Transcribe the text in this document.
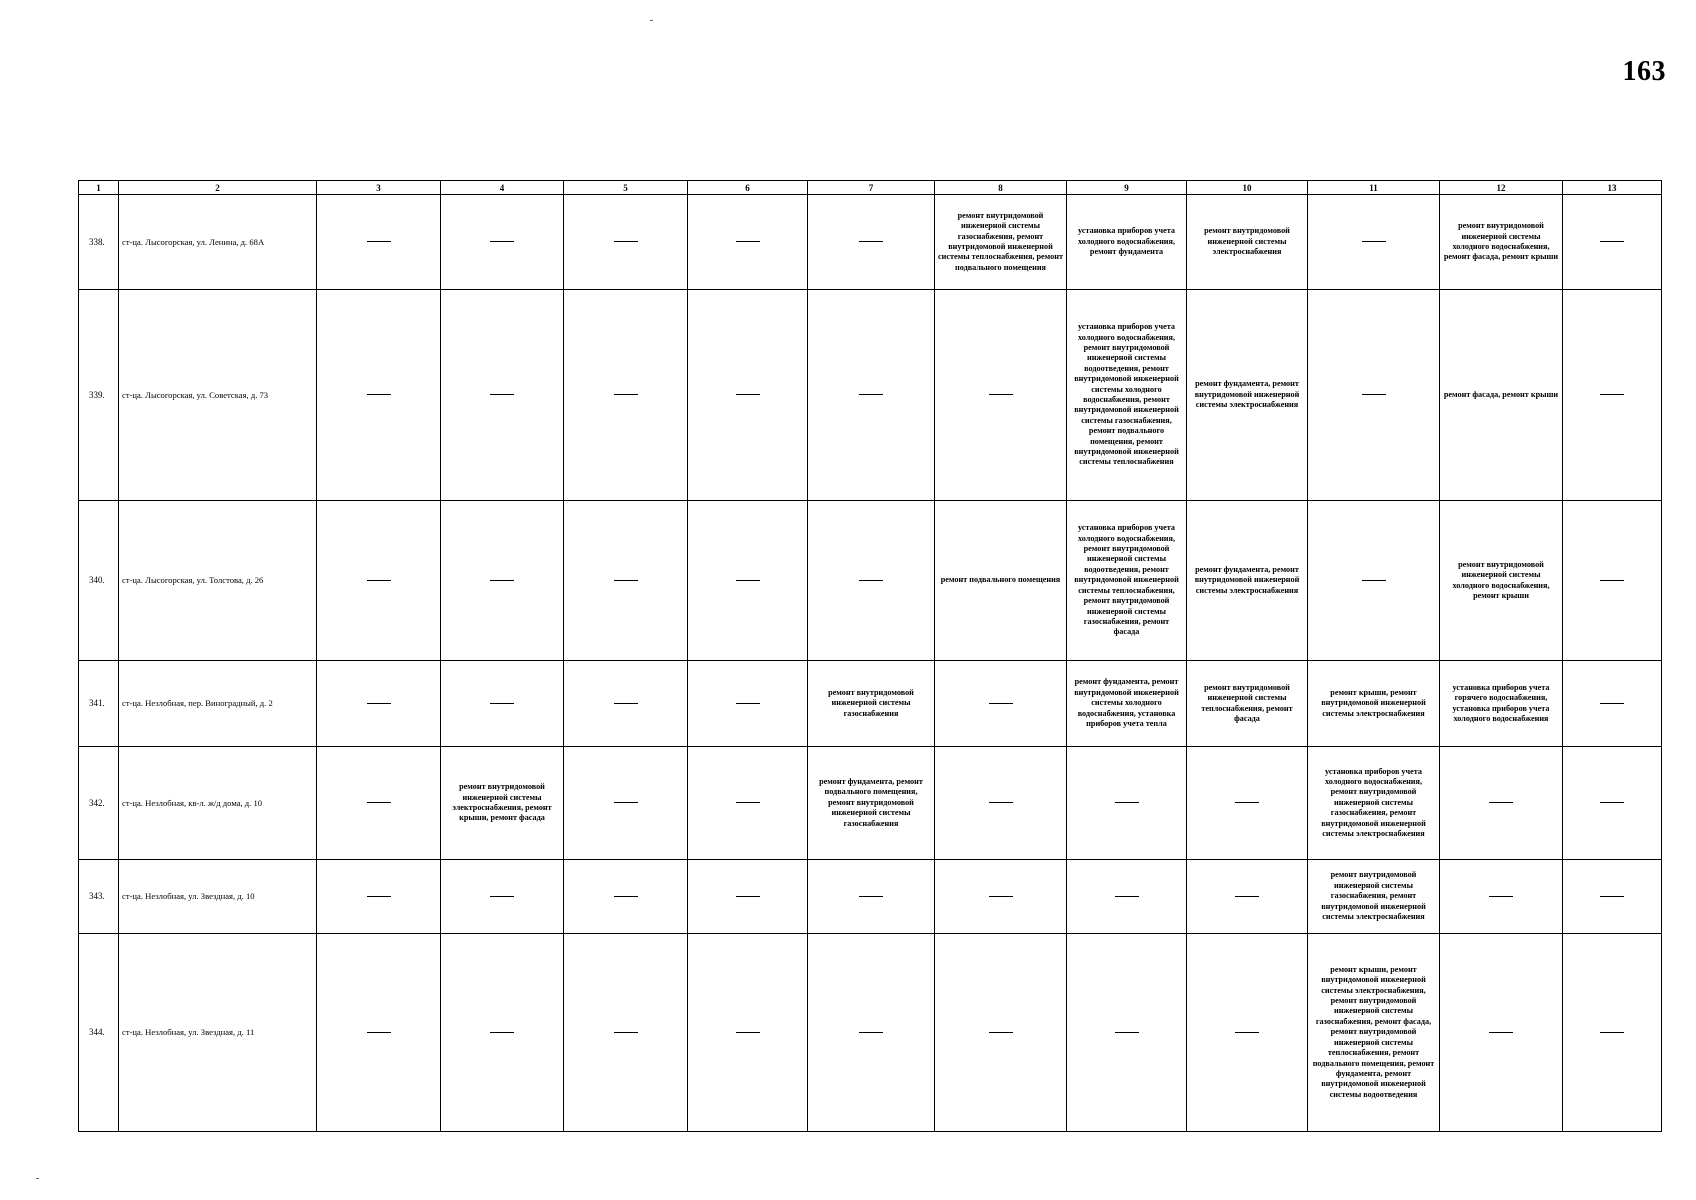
163
1	2	3	4	5	6	7	8	9	10	11	12	13
338.	ст-ца. Лысогорская, ул. Ленина, д. 68А						ремонт внутридомовой инженерной системы газоснабжения, ремонт внутридомовой инженерной системы теплоснабжения, ремонт подвального помещения	установка приборов учета холодного водоснабжения, ремонт фундамента	ремонт внутридомовой инженерной системы электроснабжения		ремонт внутридомовой инженерной системы холодного водоснабжения, ремонт фасада, ремонт крыши	
339.	ст-ца. Лысогорская, ул. Советская, д. 73							установка приборов учета холодного водоснабжения, ремонт внутридомовой инженерной системы водоотведения, ремонт внутридомовой инженерной системы холодного водоснабжения, ремонт внутридомовой инженерной системы газоснабжения, ремонт подвального помещения, ремонт внутридомовой инженерной системы теплоснабжения	ремонт фундамента, ремонт внутридомовой инженерной системы электроснабжения		ремонт фасада, ремонт крыши	
340.	ст-ца. Лысогорская, ул. Толстова, д. 26						ремонт подвального помещения	установка приборов учета холодного водоснабжения, ремонт внутридомовой инженерной системы водоотведения, ремонт внутридомовой инженерной системы теплоснабжения, ремонт внутридомовой инженерной системы газоснабжения, ремонт фасада	ремонт фундамента, ремонт внутридомовой инженерной системы электроснабжения		ремонт внутридомовой инженерной системы холодного водоснабжения, ремонт крыши	
341.	ст-ца. Незлобная, пер. Виноградный, д. 2					ремонт внутридомовой инженерной системы газоснабжения		ремонт фундамента, ремонт внутридомовой инженерной системы холодного водоснабжения, установка приборов учета тепла	ремонт внутридомовой инженерной системы теплоснабжения, ремонт фасада	ремонт крыши, ремонт внутридомовой инженерной системы электроснабжения	установка приборов учета горячего водоснабжения, установка приборов учета холодного водоснабжения	
342.	ст-ца. Незлобная, кв-л. ж/д дома, д. 10		ремонт внутридомовой инженерной системы электроснабжения, ремонт крыши, ремонт фасада			ремонт фундамента, ремонт подвального помещения, ремонт внутридомовой инженерной системы газоснабжения				установка приборов учета холодного водоснабжения, ремонт внутридомовой инженерной системы газоснабжения, ремонт внутридомовой инженерной системы электроснабжения		
343.	ст-ца. Незлобная, ул. Звездная, д. 10									ремонт внутридомовой инженерной системы газоснабжения, ремонт внутридомовой инженерной системы электроснабжения		
344.	ст-ца. Незлобная, ул. Звездная, д. 11									ремонт крыши, ремонт внутридомовой инженерной системы электроснабжения, ремонт внутридомовой инженерной системы газоснабжения, ремонт фасада, ремонт внутридомовой инженерной системы теплоснабжения, ремонт подвального помещения, ремонт фундамента, ремонт внутридомовой инженерной системы водоотведения		
